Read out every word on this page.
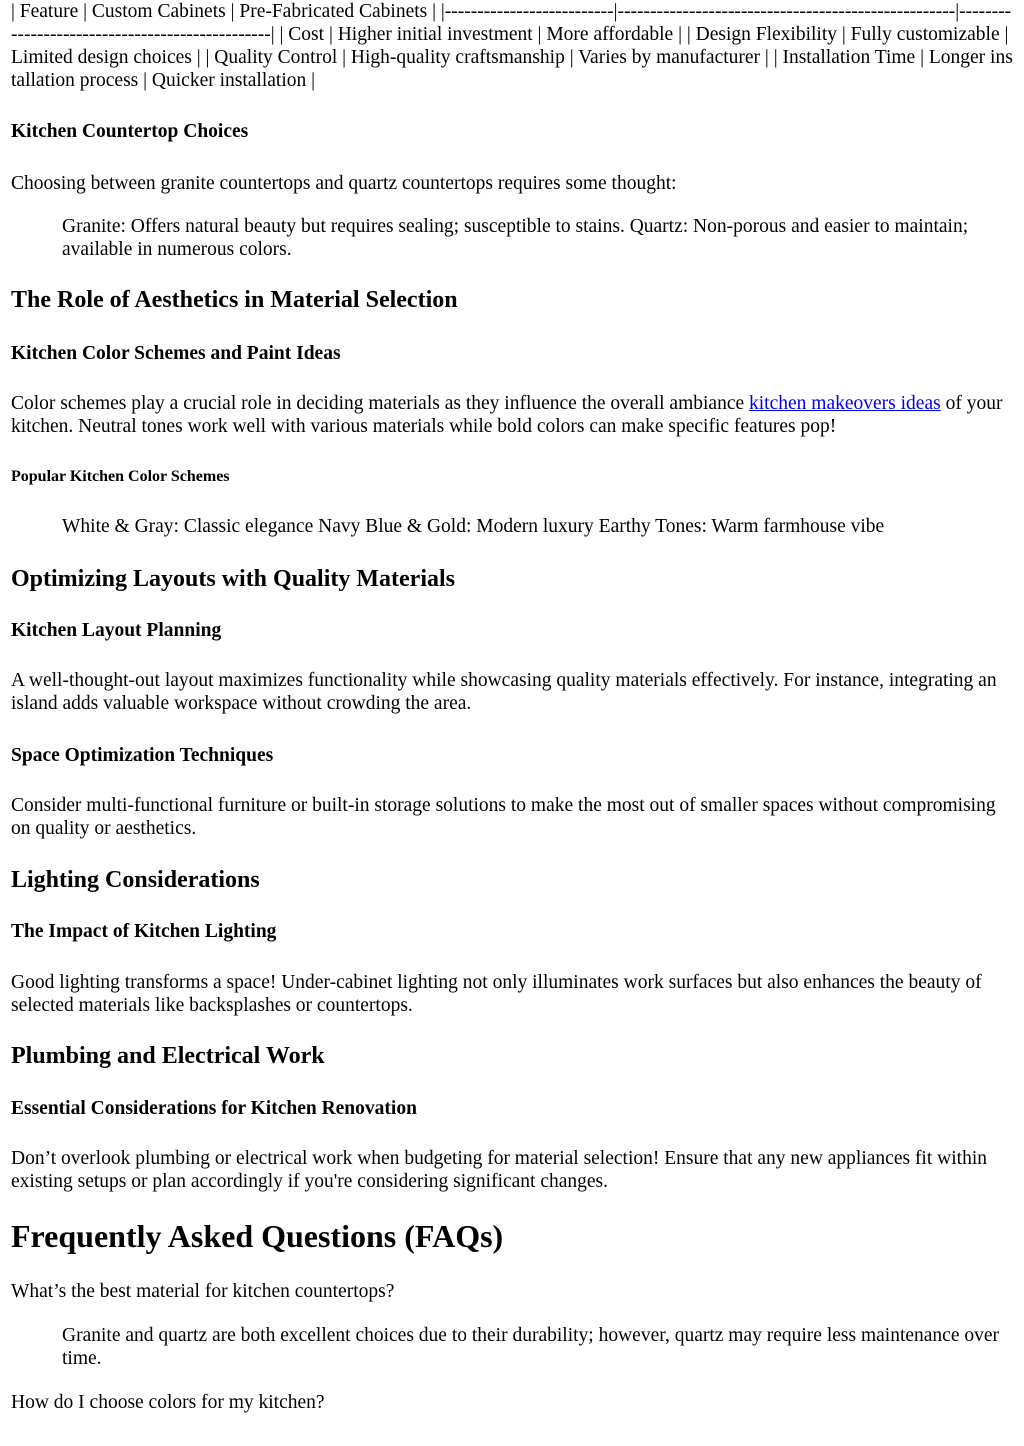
| Feature | Custom Cabinets | Pre-Fabricated Cabinets | |--------------------------|----------------------------------------------------|------------------------------------------------| | Cost | Higher initial investment | More affordable | | Design Flexibility | Fully customizable | Limited design choices | | Quality Control | High-quality craftsmanship | Varies by manufacturer | | Installation Time | Longer installation process | Quicker installation |

Kitchen Countertop Choices

Choosing between granite countertops and quartz countertops requires some thought:

Granite: Offers natural beauty but requires sealing; susceptible to stains. Quartz: Non-porous and easier to maintain; available in numerous colors.

The Role of Aesthetics in Material Selection

Kitchen Color Schemes and Paint Ideas

Color schemes play a crucial role in deciding materials as they influence the overall ambiance kitchen makeovers ideas of your kitchen. Neutral tones work well with various materials while bold colors can make specific features pop!

Popular Kitchen Color Schemes

White & Gray: Classic elegance Navy Blue & Gold: Modern luxury Earthy Tones: Warm farmhouse vibe

Optimizing Layouts with Quality Materials

Kitchen Layout Planning

A well-thought-out layout maximizes functionality while showcasing quality materials effectively. For instance, integrating an island adds valuable workspace without crowding the area.

Space Optimization Techniques

Consider multi-functional furniture or built-in storage solutions to make the most out of smaller spaces without compromising on quality or aesthetics.

Lighting Considerations

The Impact of Kitchen Lighting

Good lighting transforms a space! Under-cabinet lighting not only illuminates work surfaces but also enhances the beauty of selected materials like backsplashes or countertops.

Plumbing and Electrical Work

Essential Considerations for Kitchen Renovation

Don’t overlook plumbing or electrical work when budgeting for material selection! Ensure that any new appliances fit within existing setups or plan accordingly if you're considering significant changes.

Frequently Asked Questions (FAQs)

What’s the best material for kitchen countertops?

Granite and quartz are both excellent choices due to their durability; however, quartz may require less maintenance over time.

How do I choose colors for my kitchen?
